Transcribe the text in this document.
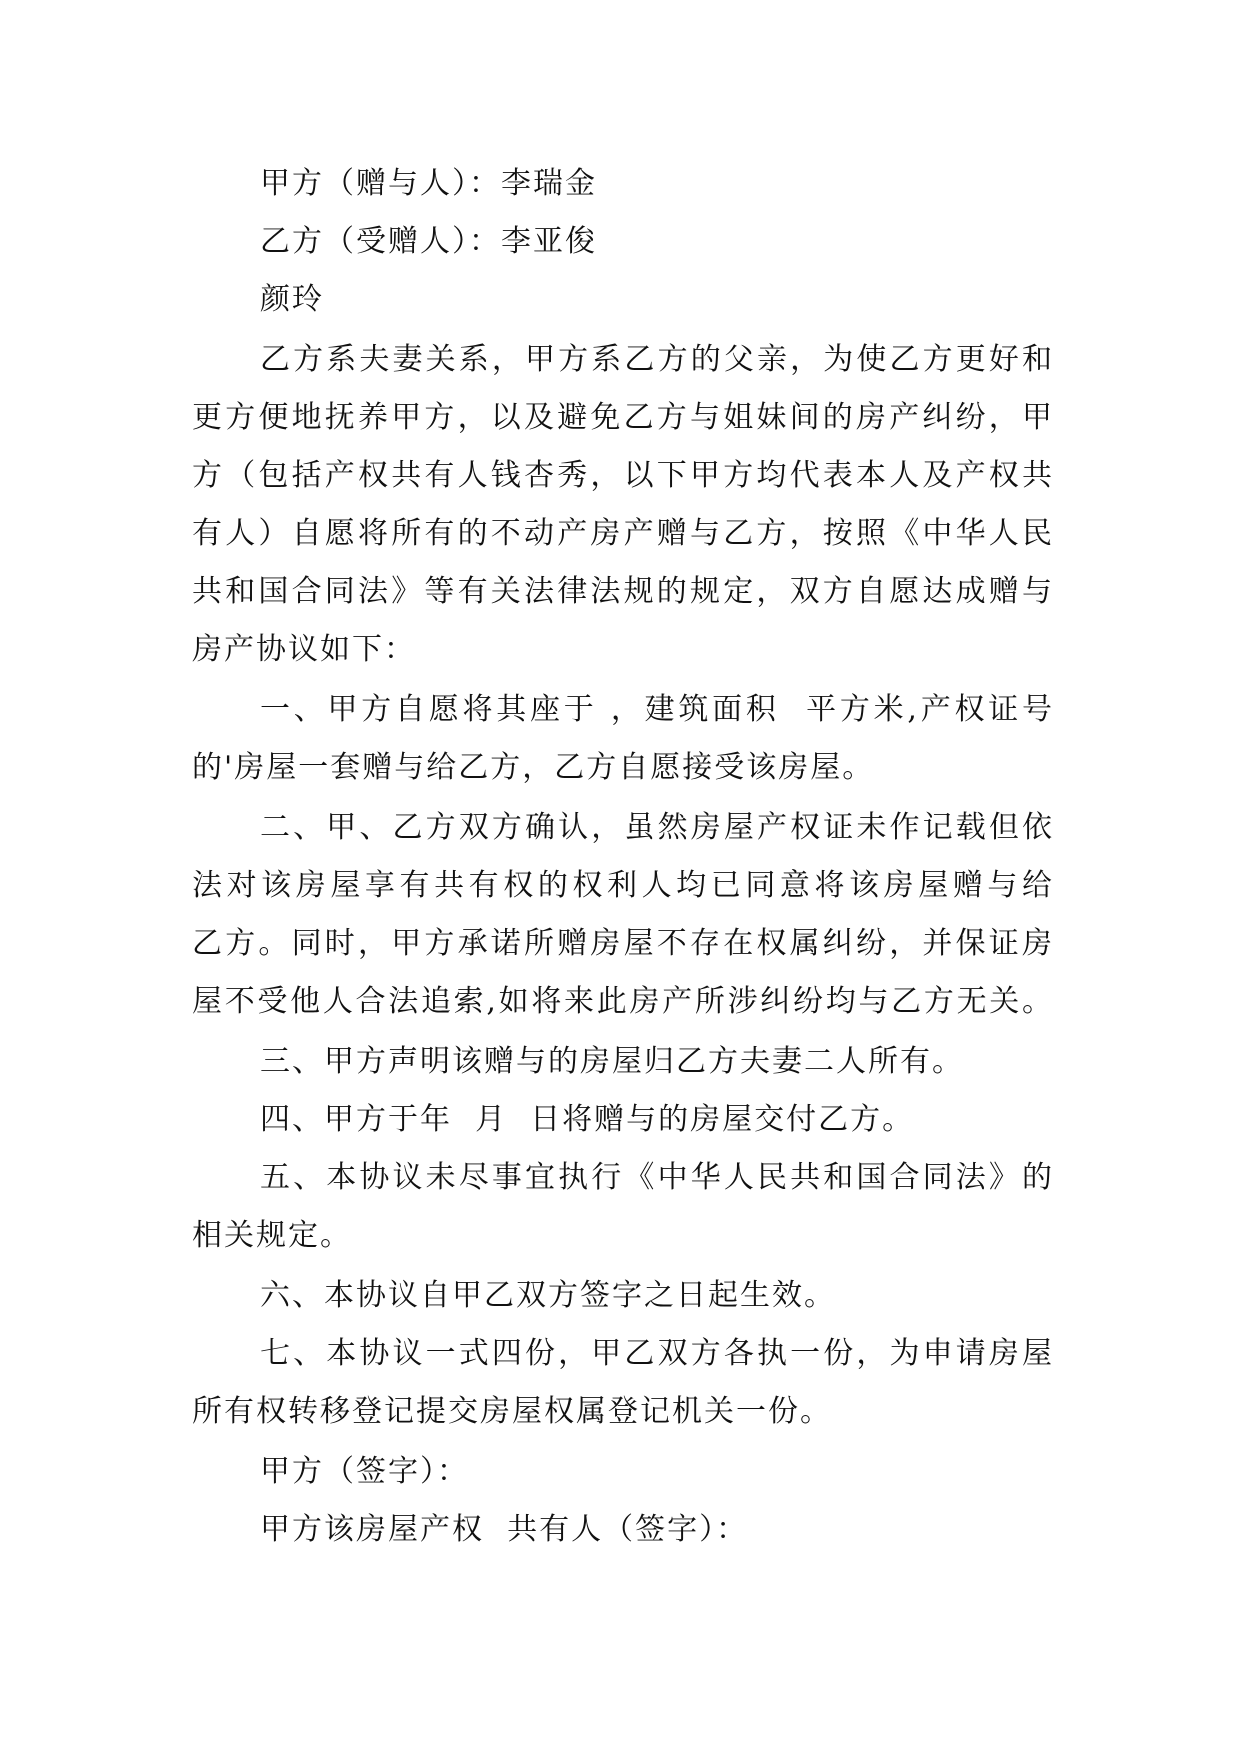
甲方（赠与人）：李瑞金

乙方（受赠人）：李亚俊

颜玲

乙方系夫妻关系，甲方系乙方的父亲，为使乙方更好和

更方便地抚养甲方，以及避免乙方与姐妹间的房产纠纷，甲

方（包括产权共有人钱杏秀，以下甲方均代表本人及产权共

有人）自愿将所有的不动产房产赠与乙方，按照《中华人民

共和国合同法》等有关法律法规的规定，双方自愿达成赠与

房产协议如下：

一、甲方自愿将其座于 ，建筑面积  平方米,产权证号

的'房屋一套赠与给乙方，乙方自愿接受该房屋。

二、甲、乙方双方确认，虽然房屋产权证未作记载但依

法对该房屋享有共有权的权利人均已同意将该房屋赠与给

乙方。同时，甲方承诺所赠房屋不存在权属纠纷，并保证房

屋不受他人合法追索,如将来此房产所涉纠纷均与乙方无关。

三、甲方声明该赠与的房屋归乙方夫妻二人所有。

四、甲方于年  月  日将赠与的房屋交付乙方。

五、本协议未尽事宜执行《中华人民共和国合同法》的

相关规定。

六、本协议自甲乙双方签字之日起生效。

七、本协议一式四份，甲乙双方各执一份，为申请房屋

所有权转移登记提交房屋权属登记机关一份。

甲方（签字）：

甲方该房屋产权  共有人（签字）：
